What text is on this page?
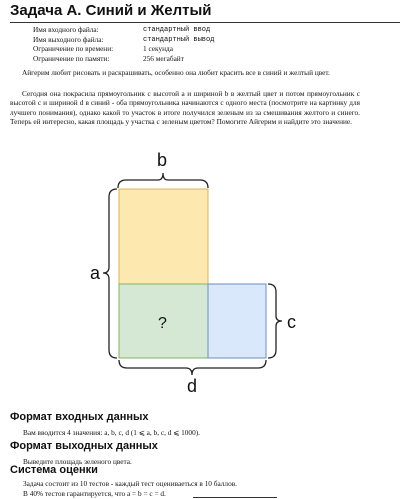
Задача A. Синий и Желтый
Имя входного файла:	стандартный ввод
Имя выходного файла:	стандартный вывод
Ограничение по времени:	1 секунда
Ограничение по памяти:	256 мегабайт

Айгерим любит рисовать и раскрашивать, особенно она любит красить все в синий и желтый цвет.

Сегодня она покрасила прямоугольник с высотой a и шириной b в желтый цвет и потом прямоугольник с высотой c и шириной d в синий - оба прямоугольника начинаются с одного места (посмотрите на картинку для лучшего понимания), однако какой то участок в итоге получился зеленым из за смешивания желтого и синего. Теперь ей интересно, какая площадь у участка с зеленым цветом? Помогите Айгерим и найдите это значение.

b
a
c
d
?
Формат входных данных

Вам вводится 4 значения: a, b, c, d (1 ⩽ a, b, c, d ⩽ 1000).

Формат выходных данных

Выведите площадь зеленого цвета.

Система оценки

Задача состоит из 10 тестов - каждый тест оцениваеться в 10 баллов.

В 40% тестов гарантируется, что a = b = c = d.
